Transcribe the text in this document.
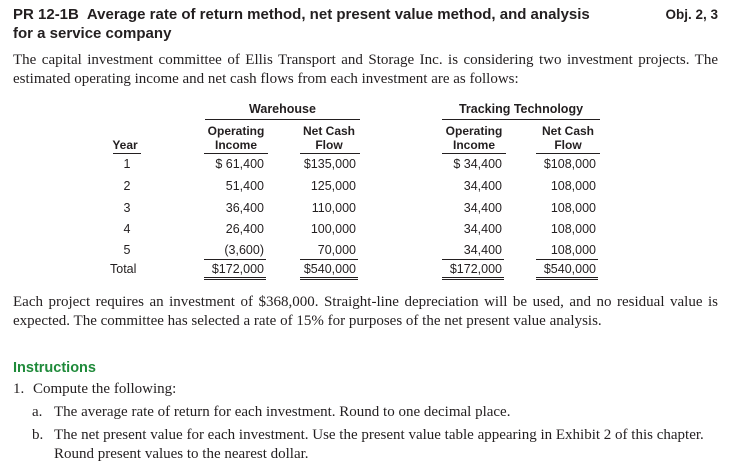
PR 12-1B Average rate of return method, net present value method, and analysis for a service company
Obj. 2, 3
The capital investment committee of Ellis Transport and Storage Inc. is considering two investment projects. The estimated operating income and net cash flows from each investment are as follows:
Warehouse	Tracking Technology
Year
Operating
Income
Net Cash
Flow
Operating
Income
Net Cash
Flow
1	$ 61,400	$135,000	$ 34,400	$108,000
2	51,400	125,000	34,400	108,000
3	36,400	110,000	34,400	108,000
4	26,400	100,000	34,400	108,000
5	(3,600)	70,000	34,400	108,000
Total	$172,000	$540,000	$172,000	$540,000
Each project requires an investment of $368,000. Straight-line depreciation will be used, and no residual value is expected. The committee has selected a rate of 15% for purposes of the net present value analysis.
Instructions
1. Compute the following:
a. The average rate of return for each investment. Round to one decimal place.
b. The net present value for each investment. Use the present value table appearing in Exhibit 2 of this chapter. Round present values to the nearest dollar.
